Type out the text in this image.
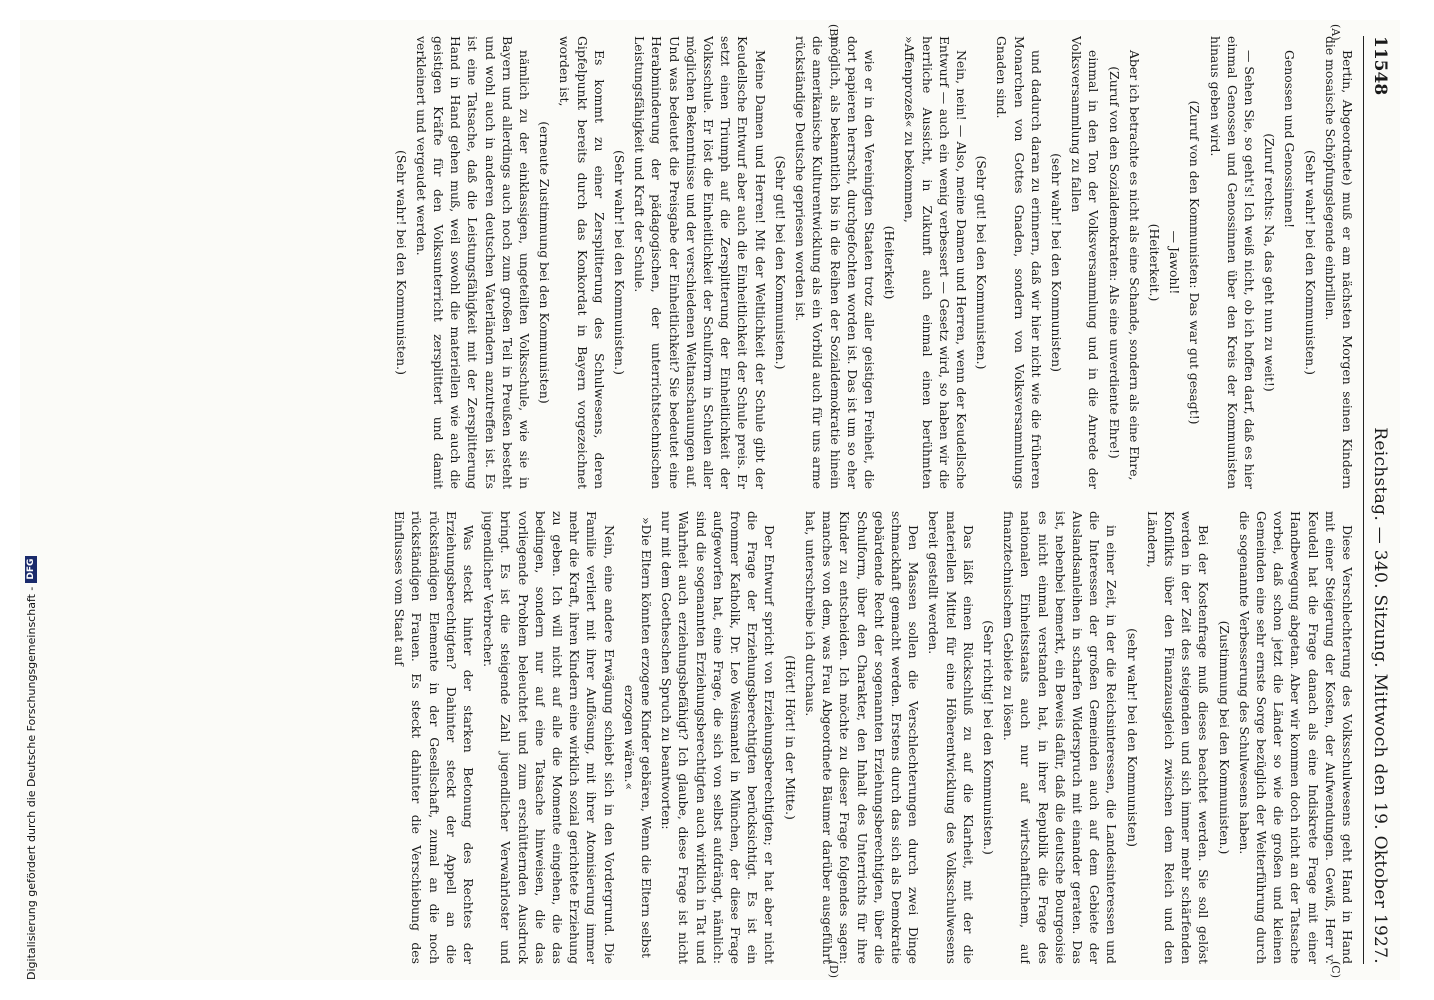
11548
Reichstag. — 340. Sitzung. Mittwoch den 19. Oktober 1927.

Bertin, Abgeordnete) muß er am nächsten Morgen seinen Kindern die mosaische Schöpfungslegende einbrillen.

(Sehr wahr! bei den Kommunisten.)

Genossen und Genossinnen!

(Zuruf rechts: Na, das geht nun zu weit!)

— Sehen Sie, so geht's! Ich weiß nicht, ob ich hoffen darf, daß es hier einmal Genossen und Genossinnen über den Kreis der Kommunisten hinaus geben wird.

(Zuruf von den Kommunisten: Das war gut gesagt!)

— Jawohl!

(Heiterkeit.)

Aber ich betrachte es nicht als eine Schande, sondern als eine Ehre,

(Zuruf von den Sozialdemokraten: Als eine unverdiente Ehre!)

einmal in den Ton der Volksversammlung und in die Anrede der Volksversammlung zu fallen

(sehr wahr! bei den Kommunisten)

und dadurch daran zu erinnern, daß wir hier nicht wie die früheren Monarchen von Gottes Gnaden, sondern von Volksversammlungs Gnaden sind.

(Sehr gut! bei den Kommunisten.)

Nein, nein! — Also, meine Damen und Herren, wenn der Keudellsche Entwurf — auch ein wenig verbessert — Gesetz wird, so haben wir die herrliche Aussicht, in Zukunft auch einmal einen berühmten »Affenprozeß« zu bekommen,

(Heiterkeit)

wie er in den Vereinigten Staaten trotz aller geistigen Freiheit, die dort papieren herrscht, durchgefochten worden ist. Das ist um so eher möglich, als bekanntlich bis in die Reihen der Sozialdemokratie hinein die amerikanische Kulturentwicklung als ein Vorbild auch für uns arme rückständige Deutsche gepriesen worden ist.

(Sehr gut! bei den Kommunisten.)

Meine Damen und Herren! Mit der Weltlichkeit der Schule gibt der Keudellsche Entwurf aber auch die Einheitlichkeit der Schule preis. Er setzt einen Triumph auf die Zersplitterung der Einheitlichkeit der Volksschule. Er löst die Einheitlichkeit der Schulform in Schulen aller möglichen Bekenntnisse und der verschiedenen Weltanschauungen auf. Und was bedeutet die Preisgabe der Einheitlichkeit? Sie bedeutet eine Herabminderung der pädagogischen, der unterrichtstechnischen Leistungsfähigkeit und Kraft der Schule.

(Sehr wahr! bei den Kommunisten.)

Es kommt zu einer Zersplitterung des Schulwesens, deren Gipfelpunkt bereits durch das Konkordat in Bayern vorgezeichnet worden ist,

(erneute Zustimmung bei den Kommunisten)

nämlich zu der einklassigen, ungeteilten Volksschule, wie sie in Bayern und allerdings auch noch zum großen Teil in Preußen besteht und wohl auch in anderen deutschen Vaterländern anzutreffen ist. Es ist eine Tatsache, daß die Leistungsfähigkeit mit der Zersplitterung Hand in Hand gehen muß, weil sowohl die materiellen wie auch die geistigen Kräfte für den Volksunterricht zersplittert und damit verkleinert und vergeudet werden.

(Sehr wahr! bei den Kommunisten.)

Diese Verschlechterung des Volksschulwesens geht Hand in Hand mit einer Steigerung der Kosten, der Aufwendungen. Gewiß, Herr v. Keudell hat die Frage danach als eine Indiskrete Frage mit einer Handbewegung abgetan. Aber wir kommen doch nicht an der Tatsache vorbei, daß schon jetzt die Länder so wie die großen und kleinen Gemeinden eine sehr ernste Sorge bezüglich der Weiterführung durch die sogenannte Verbesserung des Schulwesens haben.

(Zustimmung bei den Kommunisten.)

Bei der Kostenfrage muß dieses beachtet werden. Sie soll gelöst werden in der Zeit des steigenden und sich immer mehr schärfenden Konflikts über den Finanzausgleich zwischen dem Reich und den Ländern,

(sehr wahr! bei den Kommunisten)

in einer Zeit, in der die Reichsinteressen, die Landesinteressen und die Interessen der großen Gemeinden auch auf dem Gebiete der Auslandsanleihen in scharfen Widerspruch mit einander geraten. Das ist, nebenbei bemerkt, ein Beweis dafür, daß die deutsche Bourgeoisie es nicht einmal verstanden hat, in ihrer Republik die Frage des nationalen Einheitsstaats auch nur auf wirtschaftlichem, auf finanztechnischem Gebiete zu lösen.

(Sehr richtig! bei den Kommunisten.)

Das läßt einen Rückschluß zu auf die Klarheit, mit der die materiellen Mittel für eine Höherentwicklung des Volksschulwesens bereit gestellt werden.

Den Massen sollen die Verschlechterungen durch zwei Dinge schmackhaft gemacht werden. Erstens durch das sich als Demokratie gebärdende Recht der sogenannten Erziehungsberechtigten, über die Schulform, über den Charakter, den Inhalt des Unterrichts für ihre Kinder zu entscheiden. Ich möchte zu dieser Frage folgendes sagen: manches von dem, was Frau Abgeordnete Bäumer darüber ausgeführt hat, unterschreibe ich durchaus.

(Hört! Hört! in der Mitte.)

Der Entwurf spricht von Erziehungsberechtigten; er hat aber nicht die Frage der Erziehungsberechtigten berücksichtigt. Es ist ein frommer Katholik, Dr. Leo Weismantel in München, der diese Frage aufgeworfen hat, eine Frage, die sich von selbst aufdrängt, nämlich: sind die sogenannten Erziehungsberechtigten auch wirklich in Tat und Wahrheit auch erziehungsbefähigt? Ich glaube, diese Frage ist nicht nur mit dem Goetheschen Spruch zu beantworten:

»Die Eltern könnten erzogene Kinder gebären, Wenn die Eltern selbst erzogen wären.«

Nein, eine andere Erwägung schiebt sich in den Vordergrund. Die Familie verliert mit ihrer Auflösung, mit ihrer Atomisierung immer mehr die Kraft, ihren Kindern eine wirklich sozial gerichtete Erziehung zu geben. Ich will nicht auf alle die Momente eingehen, die das bedingen, sondern nur auf eine Tatsache hinweisen, die das vorliegende Problem beleuchtet und zum erschütternden Ausdruck bringt. Es ist die steigende Zahl jugendlicher Verwahrloster und jugendlicher Verbrecher.

Was steckt hinter der starken Betonung des Rechtes der Erziehungsberechtigten? Dahinter steckt der Appell an die rückständigen Elemente in der Gesellschaft, zumal an die noch rückständigen Frauen. Es steckt dahinter die Verschiebung des Einflusses vom Staat auf

(A)
(B)
(C)
(D)
Digitalisierung gefördert durch die Deutsche Forschungsgemeinschaft -
DFG
